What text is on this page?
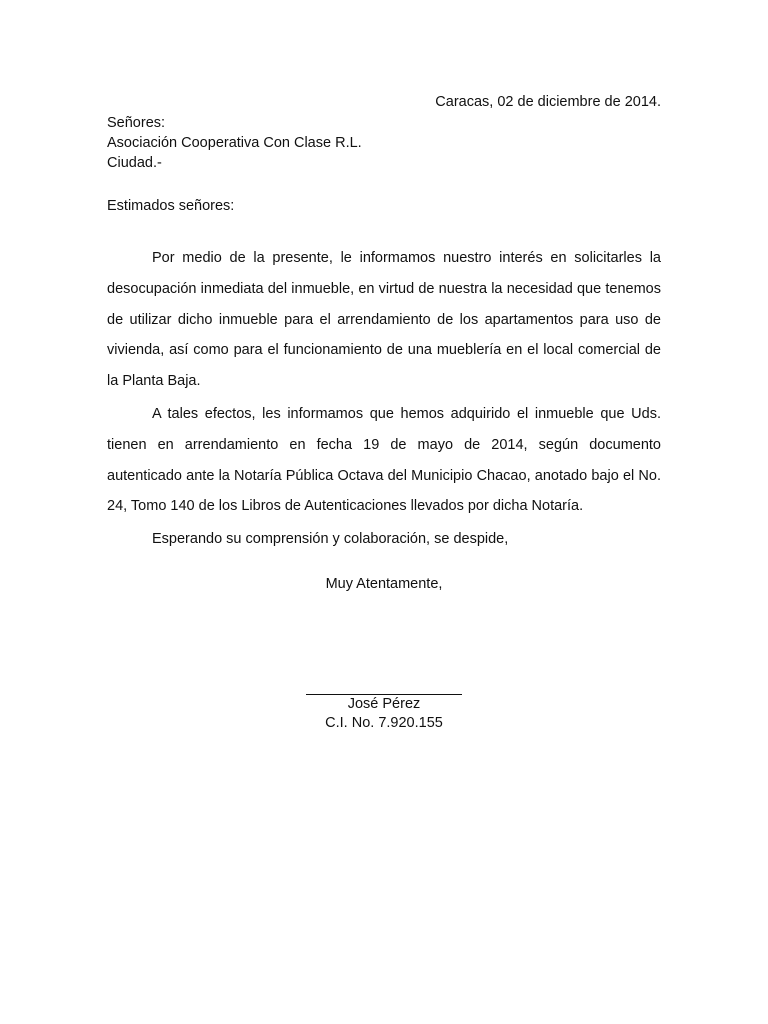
Caracas, 02 de diciembre de 2014.
Señores:
Asociación Cooperativa Con Clase R.L.
Ciudad.-
Estimados señores:

Por medio de la presente, le informamos nuestro interés en solicitarles la desocupación inmediata del inmueble, en virtud de nuestra la necesidad que tenemos de utilizar dicho inmueble para el arrendamiento de los apartamentos para uso de vivienda, así como para el funcionamiento de una mueblería en el local comercial de la Planta Baja.

A tales efectos, les informamos que hemos adquirido el inmueble que Uds. tienen en arrendamiento en fecha 19 de mayo de 2014, según documento autenticado ante la Notaría Pública Octava del Municipio Chacao, anotado bajo el No. 24, Tomo 140 de los Libros de Autenticaciones llevados por dicha Notaría.

Esperando su comprensión y colaboración, se despide,

Muy Atentamente,
José Pérez
C.I. No. 7.920.155
